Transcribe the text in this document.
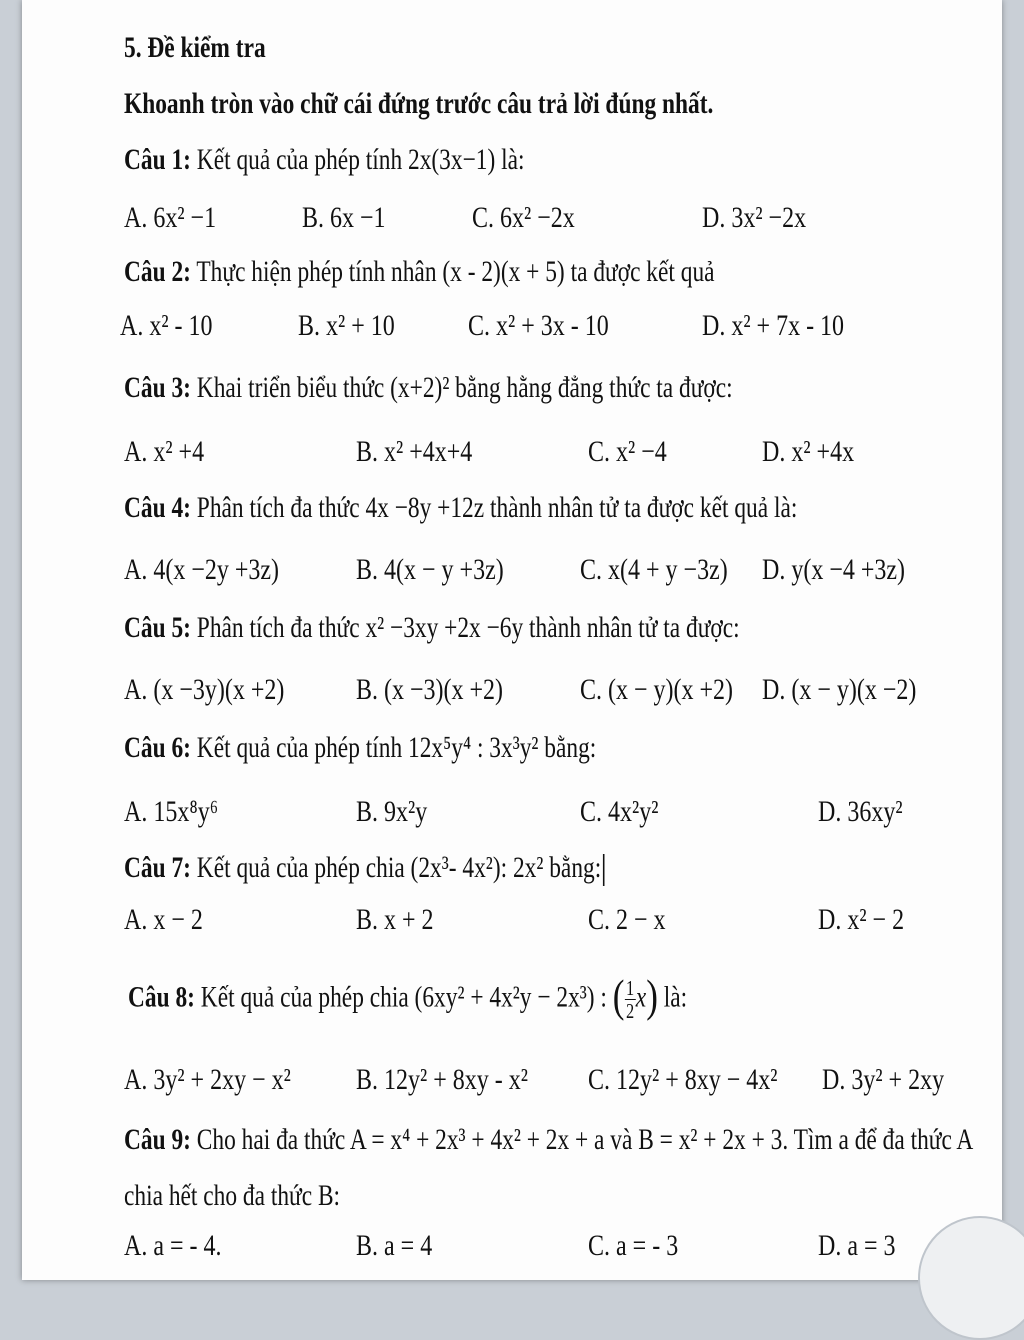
5. Đề kiểm tra
Khoanh tròn vào chữ cái đứng trước câu trả lời đúng nhất.
Câu 1: Kết quả của phép tính 2x(3x−1) là:
A. 6x² −1	B. 6x −1	C. 6x² −2x	D. 3x² −2x
Câu 2: Thực hiện phép tính nhân (x - 2)(x + 5) ta được kết quả
A. x² - 10	B. x² + 10 C. x² + 3x - 10	D. x² + 7x - 10
Câu 3: Khai triển biểu thức (x+2)² bằng hằng đẳng thức ta được:
A. x² +4	B. x² +4x+4	C. x² −4	D. x² +4x
Câu 4: Phân tích đa thức 4x −8y +12z thành nhân tử ta được kết quả là:
A. 4(x −2y +3z)	B. 4(x − y +3z)	C. x(4 + y −3z) D. y(x −4 +3z)
Câu 5: Phân tích đa thức x² −3xy +2x −6y thành nhân tử ta được:
A. (x −3y)(x +2) B. (x −3)(x +2)	C. (x − y)(x +2) D. (x − y)(x −2)
Câu 6: Kết quả của phép tính 12x⁵y⁴ : 3x³y² bằng:
A. 15x⁸y⁶	B. 9x²y	C. 4x²y²	D. 36xy²
Câu 7: Kết quả của phép chia (2x³- 4x²): 2x² bằng:
A. x − 2	B. x + 2	C. 2 − x	D. x² − 2
Câu 8: Kết quả của phép chia (6xy² + 4x²y − 2x³) : ( $\frac{1}{2} x$) là:
A. 3y² + 2xy − x² B. 12y² + 8xy - x² C. 12y² + 8xy − 4x² D. 3y² + 2xy
Câu 9: Cho hai đa thức A = x⁴ + 2x³ + 4x² + 2x + a và B = x² + 2x + 3. Tìm a để đa thức A
chia hết cho đa thức B:
A. a = - 4.	B. a = 4	C. a = - 3	D. a = 3
